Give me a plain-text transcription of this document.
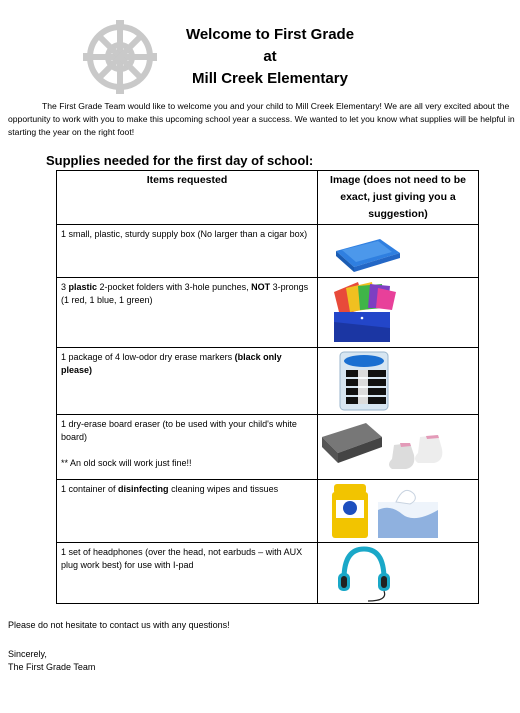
Welcome to First Grade
at
Mill Creek Elementary
The First Grade Team would like to welcome you and your child to Mill Creek Elementary! We are all very excited about the opportunity to work with you to make this upcoming school year a success. We wanted to let you know what supplies will be helpful in starting the year on the right foot!
Supplies needed for the first day of school:
Items requested	Image (does not need to be exact, just giving you a suggestion)
1 small, plastic, sturdy supply box (No larger than a cigar box)	

3 plastic 2-pocket folders with 3-hole punches, NOT 3-prongs
(1 red, 1 blue, 1 green)	

1 package of 4 low-odor dry erase markers (black only please)	

1 dry-erase board eraser (to be used with your child's white board)

** An old sock will work just fine!!	

1 container of disinfecting cleaning wipes and tissues	

1 set of headphones (over the head, not earbuds – with AUX plug work best) for use with I-pad	
Please do not hesitate to contact us with any questions!
Sincerely,
The First Grade Team
